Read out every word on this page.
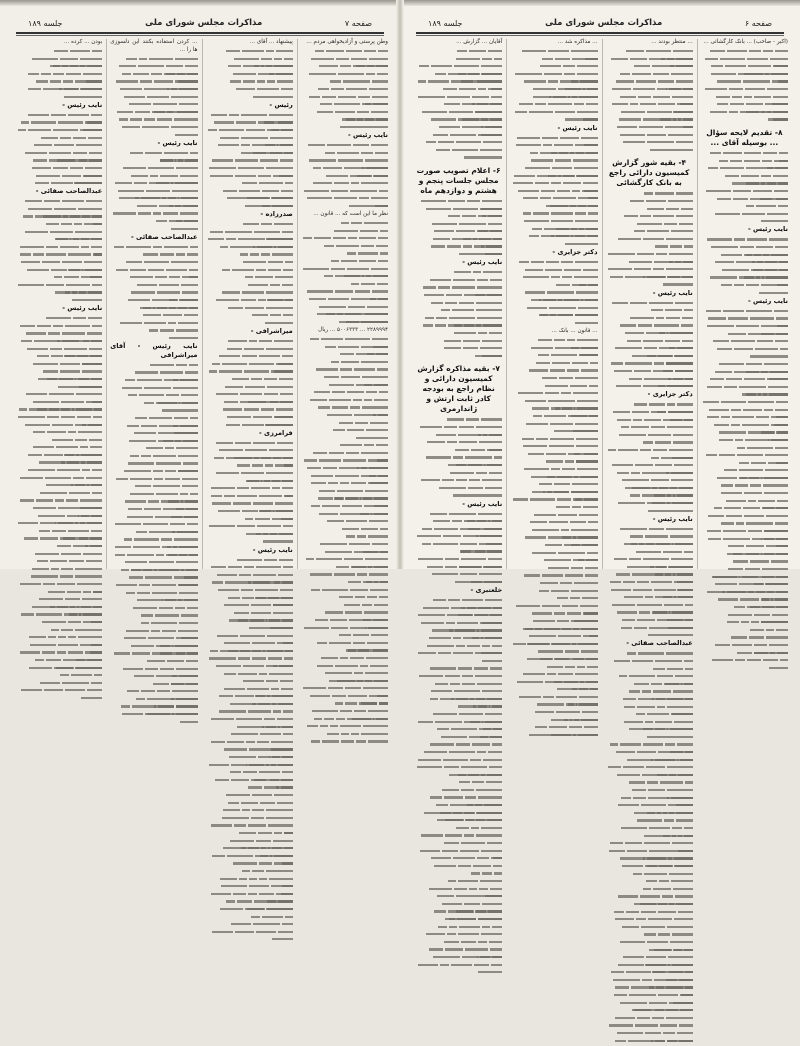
صفحه ۷
مذاکرات مجلس شورای ملی
جلسه ۱۸۹
وطن پرستی و آزادیخواهی مردم ...
نایب رئیس -
نظر ما این است که ... قانون ...
۲۲۸۹۹۹۴ ... ۵۰۰۶۳۳۳ ... ریال
پیشنهاد ... آقای ...
رئیس -
صدرزاده -
میراشرافی -
فرامرزی -
نایب رئیس -
... کردن استفاده بکنند این دلسوزی ها را ...
نایب رئیس -
عبدالصاحب صفائی -
نایب رئیس - آقای میراشرافی
بودن ... کرده ...
نایب رئیس -
عبدالصاحب صفائی -
نایب رئیس -
صفحه ۶
مذاکرات مجلس شورای ملی
جلسه ۱۸۹
(اکبر - صاحب) ... بانک کارگشائی ...
۸- تقدیم لایحه سؤال ... بوسیله آقای ...
نایب رئیس -
نایب رئیس -
... منتظر بودند ...
۴- بقیه شور گزارش کمیسیون دارائی راجع به بانک کارگشائی
نایب رئیس -
دکتر جزایری -
نایب رئیس -
عبدالصاحب صفائی -
... مذاکره شد ...
نایب رئیس -
دکتر جزایری -
... قانون ... بانک ...
آقایان ... گزارش ...
۶- اعلام تصویب صورت مجلس جلسات پنجم و هشتم و دوازدهم ماه
نایب رئیس -
۷- بقیه مذاکره گزارش کمیسیون دارائی و نظام راجع به بودجه کادر ثابت ارتش و ژاندارمری
نایب رئیس -
خلعتبری -
